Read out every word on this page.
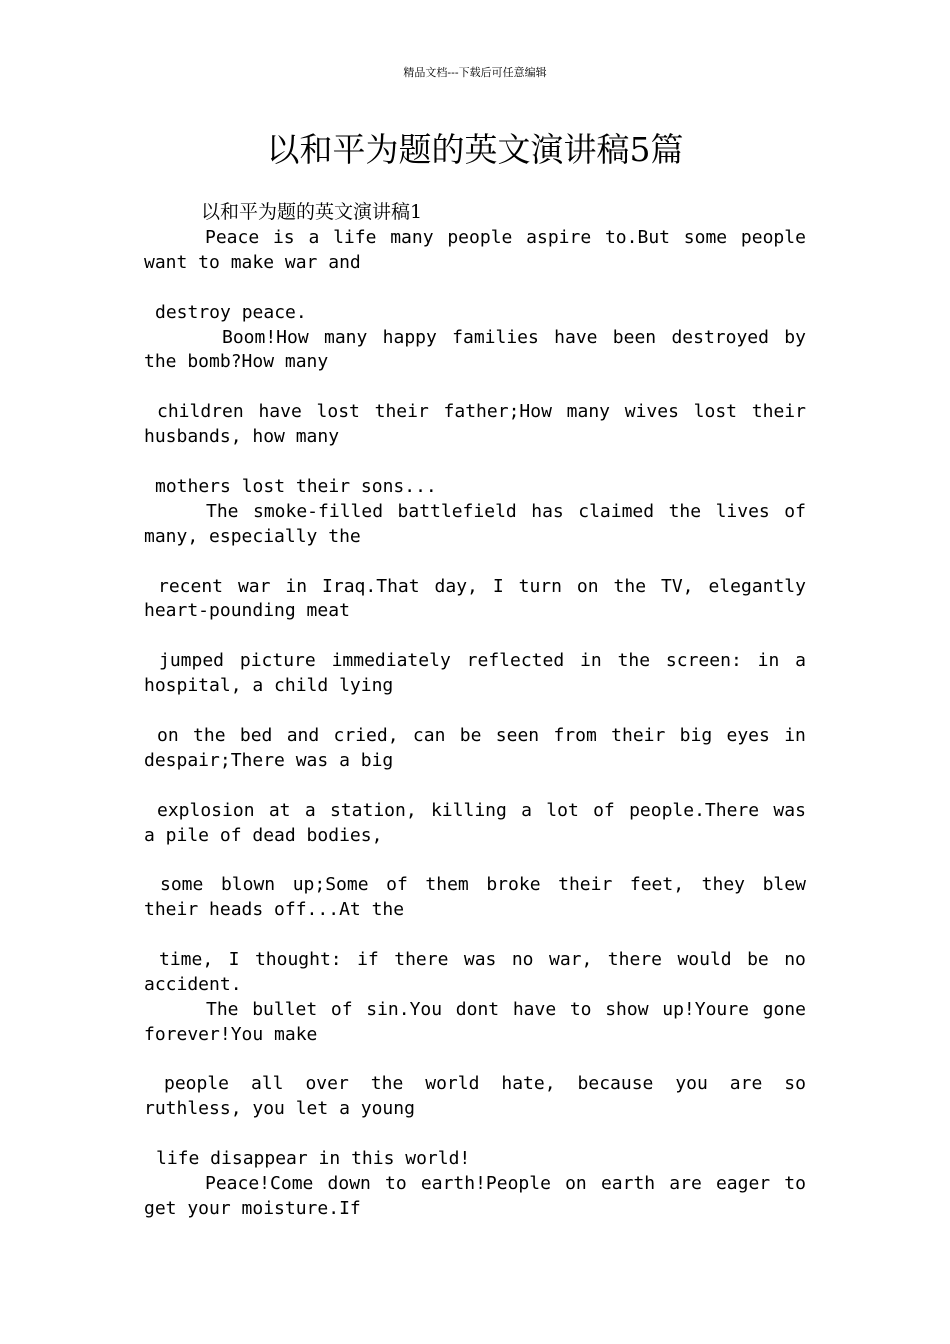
精品文档---下载后可任意编辑
以和平为题的英文演讲稿5篇
以和平为题的英文演讲稿1
Peace is a life many people aspire to.But some people
want to make war and
destroy peace.
Boom!How many happy families have been destroyed by
the bomb?How many
children have lost their father;How many wives lost their
husbands, how many
mothers lost their sons...
The smoke-filled battlefield has claimed the lives of
many, especially the
recent war in Iraq.That day, I turn on the TV, elegantly
heart-pounding meat
jumped picture immediately reflected in the screen: in a
hospital, a child lying
on the bed and cried, can be seen from their big eyes in
despair;There was a big
explosion at a station, killing a lot of people.There was
a pile of dead bodies,
some blown up;Some of them broke their feet, they blew
their heads off...At the
time, I thought: if there was no war, there would be no
accident.
The bullet of sin.You dont have to show up!Youre gone
forever!You make
people all over the world hate, because you are so
ruthless, you let a young
life disappear in this world!
Peace!Come down to earth!People on earth are eager to
get your moisture.If
